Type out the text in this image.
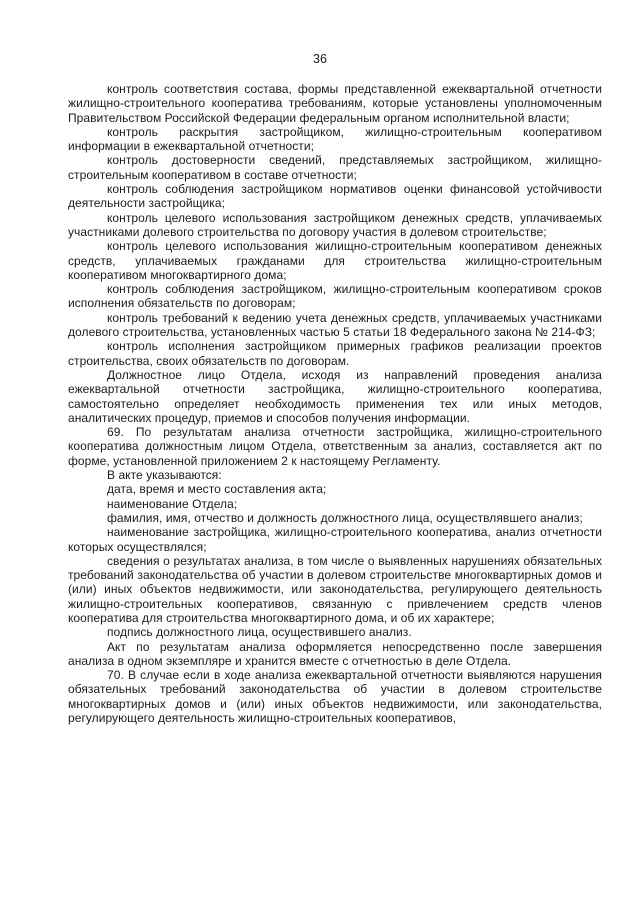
36

контроль соответствия состава, формы представленной ежеквартальной отчетности жилищно-строительного кооператива требованиям, которые установлены уполномоченным Правительством Российской Федерации федеральным органом исполнительной власти;

контроль раскрытия застройщиком, жилищно-строительным кооперативом информации в ежеквартальной отчетности;

контроль достоверности сведений, представляемых застройщиком, жилищно-строительным кооперативом в составе отчетности;

контроль соблюдения застройщиком нормативов оценки финансовой устойчивости деятельности застройщика;

контроль целевого использования застройщиком денежных средств, уплачиваемых участниками долевого строительства по договору участия в долевом строительстве;

контроль целевого использования жилищно-строительным кооперативом денежных средств, уплачиваемых гражданами для строительства жилищно-строительным кооперативом многоквартирного дома;

контроль соблюдения застройщиком, жилищно-строительным кооперативом сроков исполнения обязательств по договорам;

контроль требований к ведению учета денежных средств, уплачиваемых участниками долевого строительства, установленных частью 5 статьи 18 Федерального закона № 214-ФЗ;

контроль исполнения застройщиком примерных графиков реализации проектов строительства, своих обязательств по договорам.

Должностное лицо Отдела, исходя из направлений проведения анализа ежеквартальной отчетности застройщика, жилищно-строительного кооператива, самостоятельно определяет необходимость применения тех или иных методов, аналитических процедур, приемов и способов получения информации.

69. По результатам анализа отчетности застройщика, жилищно-строительного кооператива должностным лицом Отдела, ответственным за анализ, составляется акт по форме, установленной приложением 2 к настоящему Регламенту.

В акте указываются:

дата, время и место составления акта;

наименование Отдела;

фамилия, имя, отчество и должность должностного лица, осуществлявшего анализ;

наименование застройщика, жилищно-строительного кооператива, анализ отчетности которых осуществлялся;

сведения о результатах анализа, в том числе о выявленных нарушениях обязательных требований законодательства об участии в долевом строительстве многоквартирных домов и (или) иных объектов недвижимости, или законодательства, регулирующего деятельность жилищно-строительных кооперативов, связанную с привлечением средств членов кооператива для строительства многоквартирного дома, и об их характере;

подпись должностного лица, осуществившего анализ.

Акт по результатам анализа оформляется непосредственно после завершения анализа в одном экземпляре и хранится вместе с отчетностью в деле Отдела.

70. В случае если в ходе анализа ежеквартальной отчетности выявляются нарушения обязательных требований законодательства об участии в долевом строительстве многоквартирных домов и (или) иных объектов недвижимости, или законодательства, регулирующего деятельность жилищно-строительных кооперативов,
